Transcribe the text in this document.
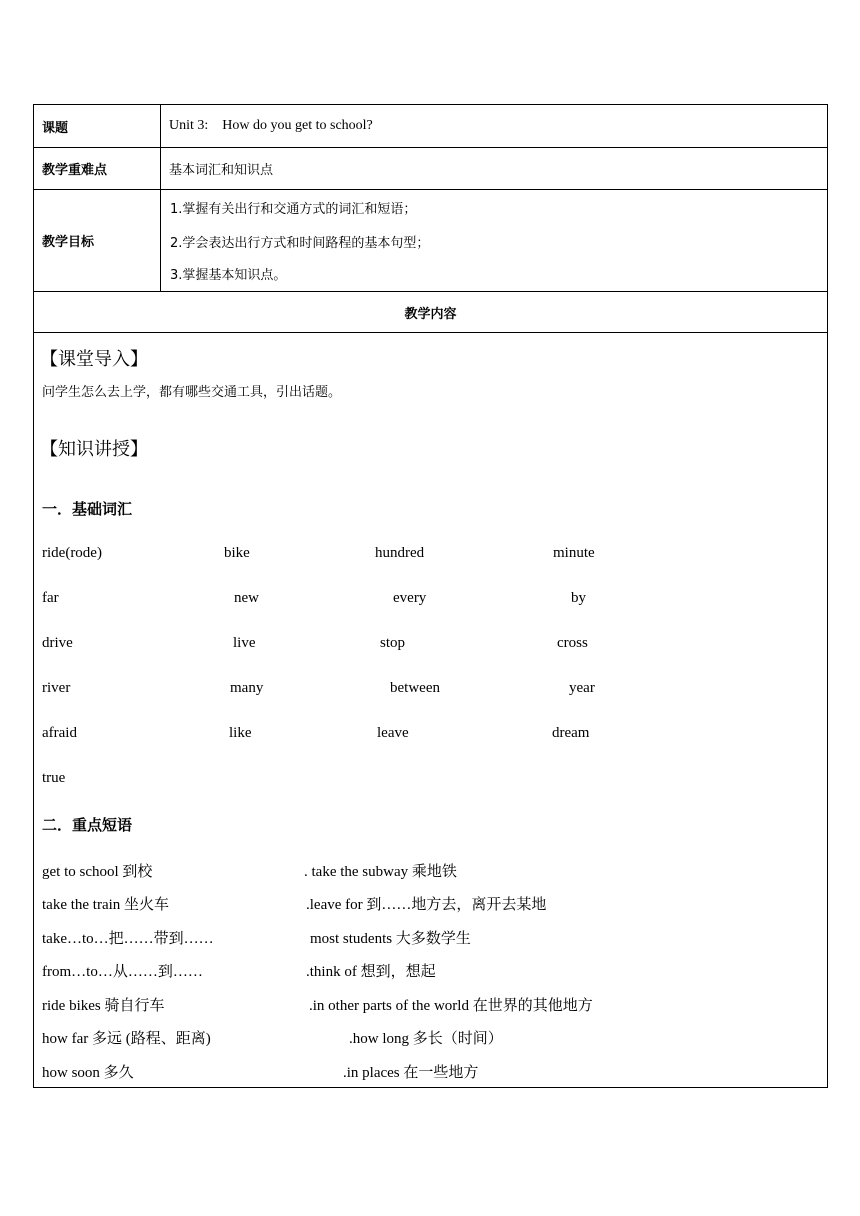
课题	Unit 3:    How do you get to school?
教学重难点	基本词汇和知识点
教学目标
1.掌握有关出行和交通方式的词汇和短语；
2.学会表达出行方式和时间路程的基本句型；
3.掌握基本知识点。
教学内容
【课堂导入】
问学生怎么去上学，都有哪些交通工具，引出话题。
【知识讲授】
一．基础词汇
ride(rode)	bike	hundred	minute
far	new	every	by
drive	live	stop	cross
river	many	between	year
afraid	like	leave	dream
true
二．重点短语
get to school 到校	. take the subway 乘地铁
take the train 坐火车	.leave for 到……地方去，离开去某地
take…to…把……带到……	most students 大多数学生
from…to…从……到……	.think of 想到，想起
ride bikes 骑自行车	.in other parts of the world 在世界的其他地方
how far 多远 (路程、距离)	.how long 多长（时间）
how soon 多久	.in places 在一些地方
